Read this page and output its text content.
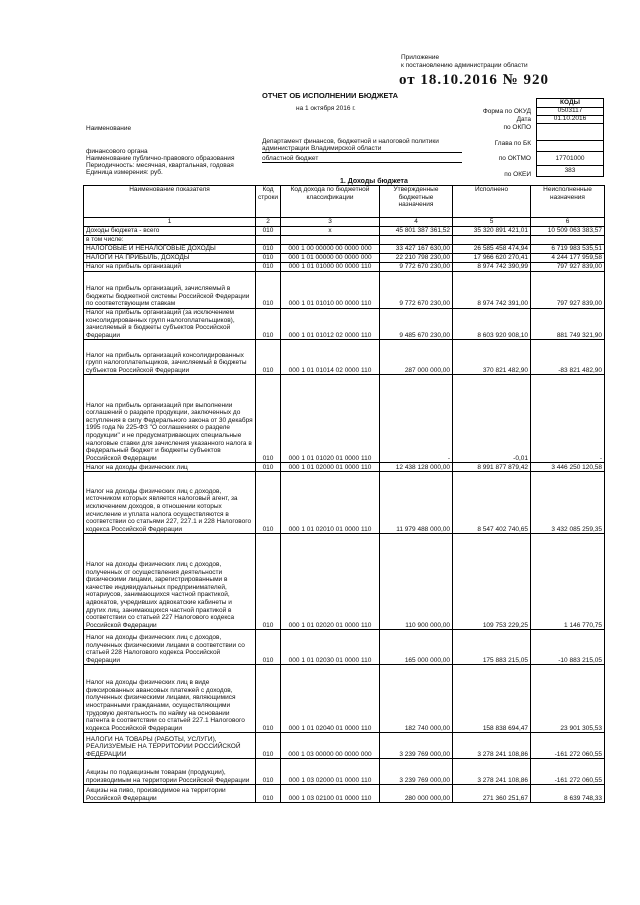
Приложение
к постановлению администрации области
от 18.10.2016 № 920
ОТЧЕТ ОБ ИСПОЛНЕНИИ БЮДЖЕТА
на 1 октября 2016 г.
Наименование
финансового органа
Наименование публично-правового образования
Периодичность: месячная, квартальная, годовая
Единица измерения: руб.
Департамент финансов, бюджетной и налоговой политики
администрации Владимирской области
областной бюджет
КОДЫ
Форма по ОКУД	0503117
Дата	01.10.2016
по ОКПО
Глава по БК
по ОКТМО	17701000
по ОКЕИ
383
1. Доходы бюджета
Наименование показателя	Код строки	Код дохода по бюджетной классификации	Утвержденные бюджетные назначения	Исполнено	Неисполненные назначения
1	2	3	4	5	6
Доходы бюджета - всего	010	x	45 801 387 361,52	35 320 891 421,01	10 509 063 383,57
в том числе:					
НАЛОГОВЫЕ И НЕНАЛОГОВЫЕ ДОХОДЫ	010	000 1 00 00000 00 0000 000	33 427 167 630,00	26 585 458 474,94	6 719 983 535,51
НАЛОГИ НА ПРИБЫЛЬ, ДОХОДЫ	010	000 1 01 00000 00 0000 000	22 210 798 230,00	17 966 620 270,41	4 244 177 959,58
Налог на прибыль организаций	010	000 1 01 01000 00 0000 110	9 772 670 230,00	8 974 742 390,99	797 927 839,00
Налог на прибыль организаций, зачисляемый в бюджеты бюджетной системы Российской Федерации по соответствующим ставкам	010	000 1 01 01010 00 0000 110	9 772 670 230,00	8 974 742 391,00	797 927 839,00
Налог на прибыль организаций (за исключением консолидированных групп налогоплательщиков), зачисляемый в бюджеты субъектов Российской Федерации	010	000 1 01 01012 02 0000 110	9 485 670 230,00	8 603 920 908,10	881 749 321,90
Налог на прибыль организаций консолидированных групп налогоплательщиков, зачисляемый в бюджеты субъектов Российской Федерации	010	000 1 01 01014 02 0000 110	287 000 000,00	370 821 482,90	-83 821 482,90
Налог на прибыль организаций при выполнении соглашений о разделе продукции, заключенных до вступления в силу Федерального закона от 30 декабря 1995 года № 225-ФЗ "О соглашениях о разделе продукции" и не предусматривающих специальные налоговые ставки для зачисления указанного налога в федеральный бюджет и бюджеты субъектов Российской Федерации	010	000 1 01 01020 01 0000 110	-	-0,01	-
Налог на доходы физических лиц	010	000 1 01 02000 01 0000 110	12 438 128 000,00	8 991 877 879,42	3 446 250 120,58
Налог на доходы физических лиц с доходов, источником которых является налоговый агент, за исключением доходов, в отношении которых исчисление и уплата налога осуществляются в соответствии со статьями 227, 227.1 и 228 Налогового кодекса Российской Федерации	010	000 1 01 02010 01 0000 110	11 979 488 000,00	8 547 402 740,65	3 432 085 259,35
Налог на доходы физических лиц с доходов, полученных от осуществления деятельности физическими лицами, зарегистрированными в качестве индивидуальных предпринимателей, нотариусов, занимающихся частной практикой, адвокатов, учредивших адвокатские кабинеты и других лиц, занимающихся частной практикой в соответствии со статьей 227 Налогового кодекса Российской Федерации	010	000 1 01 02020 01 0000 110	110 900 000,00	109 753 229,25	1 146 770,75
Налог на доходы физических лиц с доходов, полученных физическими лицами в соответствии со статьей 228 Налогового кодекса Российской Федерации	010	000 1 01 02030 01 0000 110	165 000 000,00	175 883 215,05	-10 883 215,05
Налог на доходы физических лиц в виде фиксированных авансовых платежей с доходов, полученных физическими лицами, являющимися иностранными гражданами, осуществляющими трудовую деятельность по найму на основании патента в соответствии со статьей 227.1 Налогового кодекса Российской Федерации	010	000 1 01 02040 01 0000 110	182 740 000,00	158 838 694,47	23 901 305,53
НАЛОГИ НА ТОВАРЫ (РАБОТЫ, УСЛУГИ), РЕАЛИЗУЕМЫЕ НА ТЕРРИТОРИИ РОССИЙСКОЙ ФЕДЕРАЦИИ	010	000 1 03 00000 00 0000 000	3 239 769 000,00	3 278 241 108,86	-161 272 060,55
Акцизы по подакцизным товарам (продукции), производимым на территории Российской Федерации	010	000 1 03 02000 01 0000 110	3 239 769 000,00	3 278 241 108,86	-161 272 060,55
Акцизы на пиво, производимое на территории Российской Федерации	010	000 1 03 02100 01 0000 110	280 000 000,00	271 360 251,67	8 639 748,33
